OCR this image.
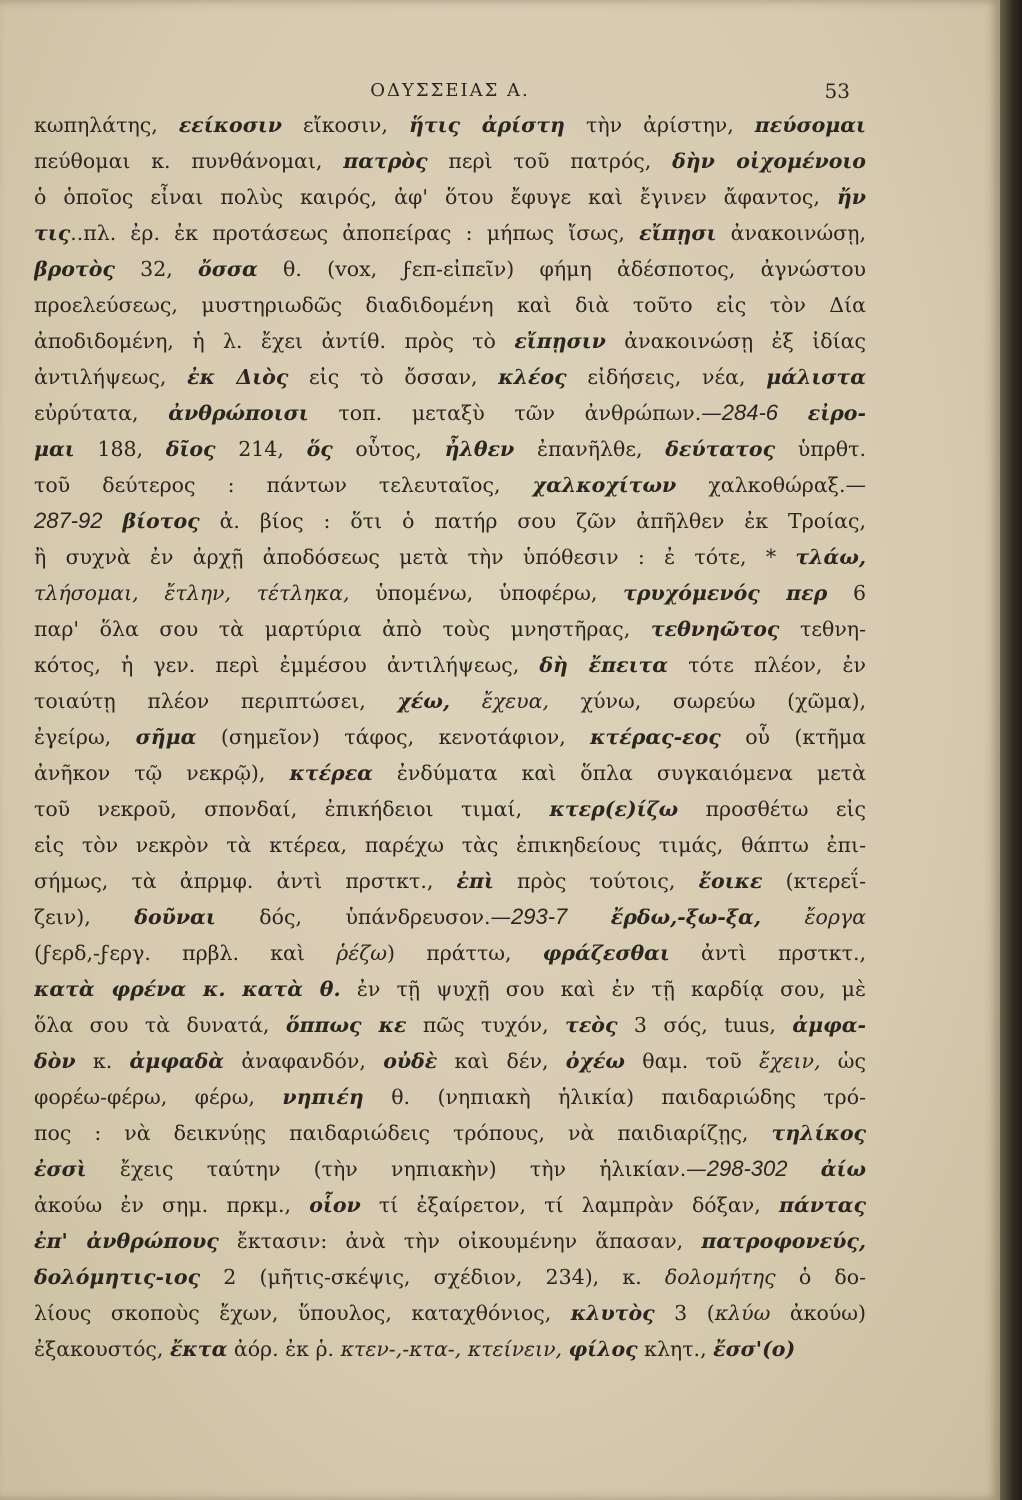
ΟΔΥΣΣΕΙΑΣ Α.	53
κωπηλάτης, εείκοσιν εἴκοσιν, ἥτις ἀρίστη τὴν ἀρίστην, πεύσομαι
πεύθομαι κ. πυνθάνομαι, πατρὸς περὶ τοῦ πατρός, δὴν οἰχομένοιο
ὁ ὁποῖος εἶναι πολὺς καιρός, ἀφ' ὅτου ἔφυγε καὶ ἔγινεν ἄφαντος, ἤν
τις..πλ. ἐρ. ἐκ προτάσεως ἀποπείρας : μήπως ἴσως, εἴπῃσι ἀνακοινώσῃ,
βροτὸς 32, ὄσσα θ. (vox, ϝεπ-εἰπεῖν) φήμη ἀδέσποτος, ἀγνώστου
προελεύσεως, μυστηριωδῶς διαδιδομένη καὶ διὰ τοῦτο εἰς τὸν Δία
ἀποδιδομένη, ἡ λ. ἔχει ἀντίθ. πρὸς τὸ εἴπῃσιν ἀνακοινώσῃ ἐξ ἰδίας
ἀντιλήψεως, ἐκ Διὸς εἰς τὸ ὄσσαν, κλέος εἰδήσεις, νέα, μάλιστα
εὐρύτατα, ἀνθρώποισι τοπ. μεταξὺ τῶν ἀνθρώπων.—284-6 εἰρο-
μαι 188, δῖος 214, ὅς οὗτος, ἦλθεν ἐπανῆλθε, δεύτατος ὑπρθτ.
τοῦ δεύτερος : πάντων τελευταῖος, χαλκοχίτων χαλκοθώραξ.—
287-92 βίοτος ἀ. βίος : ὅτι ὁ πατήρ σου ζῶν ἀπῆλθεν ἐκ Τροίας,
ἢ συχνὰ ἐν ἀρχῇ ἀποδόσεως μετὰ τὴν ὑπόθεσιν : ἐ τότε, * τλάω,
τλήσομαι, ἔτλην, τέτληκα, ὑπομένω, ὑποφέρω, τρυχόμενός περ 6
παρ' ὅλα σου τὰ μαρτύρια ἀπὸ τοὺς μνηστῆρας, τεθνηῶτος τεθνη-
κότος, ἡ γεν. περὶ ἐμμέσου ἀντιλήψεως, δὴ ἔπειτα τότε πλέον, ἐν
τοιαύτῃ πλέον περιπτώσει, χέω, ἔχευα, χύνω, σωρεύω (χῶμα),
ἐγείρω, σῆμα (σημεῖον) τάφος, κενοτάφιον, κτέρας-εος οὗ (κτῆμα
ἀνῆκον τῷ νεκρῷ), κτέρεα ἐνδύματα καὶ ὅπλα συγκαιόμενα μετὰ
τοῦ νεκροῦ, σπονδαί, ἐπικήδειοι τιμαί, κτερ(ε)ίζω προσθέτω εἰς
εἰς τὸν νεκρὸν τὰ κτέρεα, παρέχω τὰς ἐπικηδείους τιμάς, θάπτω ἐπι-
σήμως, τὰ ἀπρμφ. ἀντὶ πρστκτ., ἐπὶ πρὸς τούτοις, ἔοικε (κτερεΐ-
ζειν), δοῦναι δός, ὑπάνδρευσον.—293-7 ἔρδω,-ξω-ξα, ἔοργα
(ϝερδ,-ϝεργ. πρβλ. καὶ ῥέζω) πράττω, φράζεσθαι ἀντὶ πρστκτ.,
κατὰ φρένα κ. κατὰ θ. ἐν τῇ ψυχῇ σου καὶ ἐν τῇ καρδίᾳ σου, μὲ
ὅλα σου τὰ δυνατά, ὅππως κε πῶς τυχόν, τεὸς 3 σός, tuus, ἀμφα-
δὸν κ. ἀμφαδὰ ἀναφανδόν, οὐδὲ καὶ δέν, ὀχέω θαμ. τοῦ ἔχειν, ὡς
φορέω-φέρω, φέρω, νηπιέη θ. (νηπιακὴ ἡλικία) παιδαριώδης τρό-
πος : νὰ δεικνύῃς παιδαριώδεις τρόπους, νὰ παιδιαρίζῃς, τηλίκος
ἐσσὶ ἔχεις ταύτην (τὴν νηπιακὴν) τὴν ἡλικίαν.—298-302 ἀίω
ἀκούω ἐν σημ. πρκμ., οἷον τί ἐξαίρετον, τί λαμπρὰν δόξαν, πάντας
ἐπ' ἀνθρώπους ἔκτασιν: ἀνὰ τὴν οἰκουμένην ἅπασαν, πατροφονεύς,
δολόμητις-ιος 2 (μῆτις-σκέψις, σχέδιον, 234), κ. δολομήτης ὁ δο-
λίους σκοποὺς ἔχων, ὕπουλος, καταχθόνιος, κλυτὸς 3 (κλύω ἀκούω)
ἐξακουστός, ἔκτα ἀόρ. ἐκ ῥ. κτεν-,-κτα-, κτείνειν, φίλος κλητ., ἔσσ'(ο)
